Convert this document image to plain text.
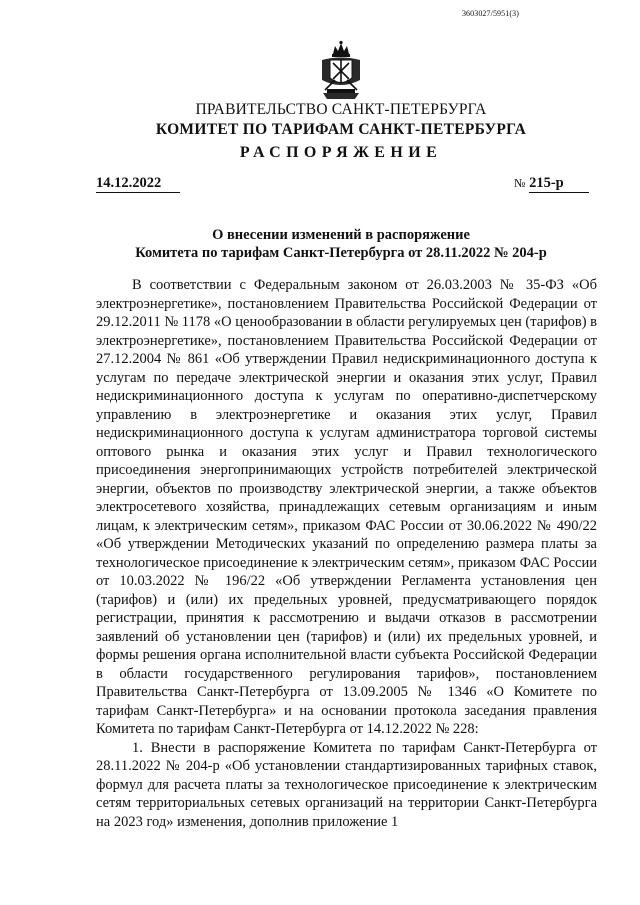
3603027/5951(3)
ПРАВИТЕЛЬСТВО САНКТ-ПЕТЕРБУРГА
КОМИТЕТ ПО ТАРИФАМ САНКТ-ПЕТЕРБУРГА
РАСПОРЯЖЕНИЕ
14.12.2022	№ 215-р
О внесении изменений в распоряжение
Комитета по тарифам Санкт-Петербурга от 28.11.2022 № 204-р

В соответствии с Федеральным законом от 26.03.2003 № 35-ФЗ «Об электроэнергетике», постановлением Правительства Российской Федерации от 29.12.2011 № 1178 «О ценообразовании в области регулируемых цен (тарифов) в электроэнергетике», постановлением Правительства Российской Федерации от 27.12.2004 № 861 «Об утверждении Правил недискриминационного доступа к услугам по передаче электрической энергии и оказания этих услуг, Правил недискриминационного доступа к услугам по оперативно-диспетчерскому управлению в электроэнергетике и оказания этих услуг, Правил недискриминационного доступа к услугам администратора торговой системы оптового рынка и оказания этих услуг и Правил технологического присоединения энергопринимающих устройств потребителей электрической энергии, объектов по производству электрической энергии, а также объектов электросетевого хозяйства, принадлежащих сетевым организациям и иным лицам, к электрическим сетям», приказом ФАС России от 30.06.2022 № 490/22 «Об утверждении Методических указаний по определению размера платы за технологическое присоединение к электрическим сетям», приказом ФАС России от 10.03.2022 № 196/22 «Об утверждении Регламента установления цен (тарифов) и (или) их предельных уровней, предусматривающего порядок регистрации, принятия к рассмотрению и выдачи отказов в рассмотрении заявлений об установлении цен (тарифов) и (или) их предельных уровней, и формы решения органа исполнительной власти субъекта Российской Федерации в области государственного регулирования тарифов», постановлением Правительства Санкт-Петербурга от 13.09.2005 № 1346 «О Комитете по тарифам Санкт-Петербурга» и на основании протокола заседания правления Комитета по тарифам Санкт-Петербурга от 14.12.2022 № 228:

1. Внести в распоряжение Комитета по тарифам Санкт-Петербурга от 28.11.2022 № 204-р «Об установлении стандартизированных тарифных ставок, формул для расчета платы за технологическое присоединение к электрическим сетям территориальных сетевых организаций на территории Санкт-Петербурга на 2023 год» изменения, дополнив приложение 1
